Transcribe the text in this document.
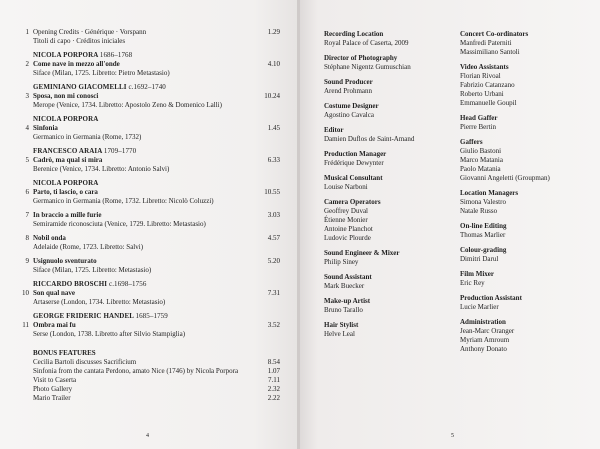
1 Opening Credits · Générique · Vorspann	1.29
Titoli di capo · Créditos iniciales
NICOLA PORPORA 1686–1768
2 Come nave in mezzo all'onde	4.10
Siface (Milan, 1725. Libretto: Pietro Metastasio)
GEMINIANO GIACOMELLI c.1692–1740
3 Sposa, non mi conosci	10.24
Merope (Venice, 1734. Libretto: Apostolo Zeno & Domenico Lalli)
NICOLA PORPORA
4 Sinfonia	1.45
Germanico in Germania (Rome, 1732)
FRANCESCO ARAIA 1709–1770
5 Cadrò, ma qual si mira	6.33
Berenice (Venice, 1734. Libretto: Antonio Salvi)
NICOLA PORPORA
6 Parto, ti lascio, o cara	10.55
Germanico in Germania (Rome, 1732. Libretto: Nicolò Coluzzi)
7 In braccio a mille furie	3.03
Semiramide riconosciuta (Venice, 1729. Libretto: Metastasio)
8 Nobil onda	4.57
Adelaide (Rome, 1723. Libretto: Salvi)
9 Usignuolo sventurato	5.20
Siface (Milan, 1725. Libretto: Metastasio)
RICCARDO BROSCHI c.1698–1756
10 Son qual nave	7.31
Artaserse (London, 1734. Libretto: Metastasio)
GEORGE FRIDERIC HANDEL 1685–1759
11 Ombra mai fu	3.52
Serse (London, 1738. Libretto after Silvio Stampiglia)
BONUS FEATURES
Cecilia Bartoli discusses Sacrificium	8.54
Sinfonia from the cantata Perdono, amato Nice (1746) by Nicola Porpora	1.07
Visit to Caserta	7.11
Photo Gallery	2.32
Mario Trailer	2.22
4
Recording Location
Royal Palace of Caserta, 2009
Director of Photography
Stéphane Nigentz Gumuschian
Sound Producer
Arend Prohmann
Costume Designer
Agostino Cavalca
Editor
Damien Duflos de Saint-Amand
Production Manager
Frédérique Dewynter
Musical Consultant
Louise Narboni
Camera Operators
Geoffrey Duval
Étienne Monier
Antoine Planchot
Ludovic Plourde
Sound Engineer & Mixer
Philip Siney
Sound Assistant
Mark Buecker
Make-up Artist
Bruno Tarallo
Hair Stylist
Helve Leal
Concert Co-ordinators
Manfredi Paterniti
Massimiliano Santoli
Video Assistants
Florian Rivoal
Fabrizio Catanzano
Roberto Urbani
Emmanuelle Goupil
Head Gaffer
Pierre Bertin
Gaffers
Giulio Bastoni
Marco Matania
Paolo Matania
Giovanni Angeletti (Groupman)
Location Managers
Simona Valestro
Natale Russo
On-line Editing
Thomas Marlier
Colour-grading
Dimitri Darul
Film Mixer
Eric Rey
Production Assistant
Lucie Marlier
Administration
Jean-Marc Oranger
Myriam Amroum
Anthony Donato
5
